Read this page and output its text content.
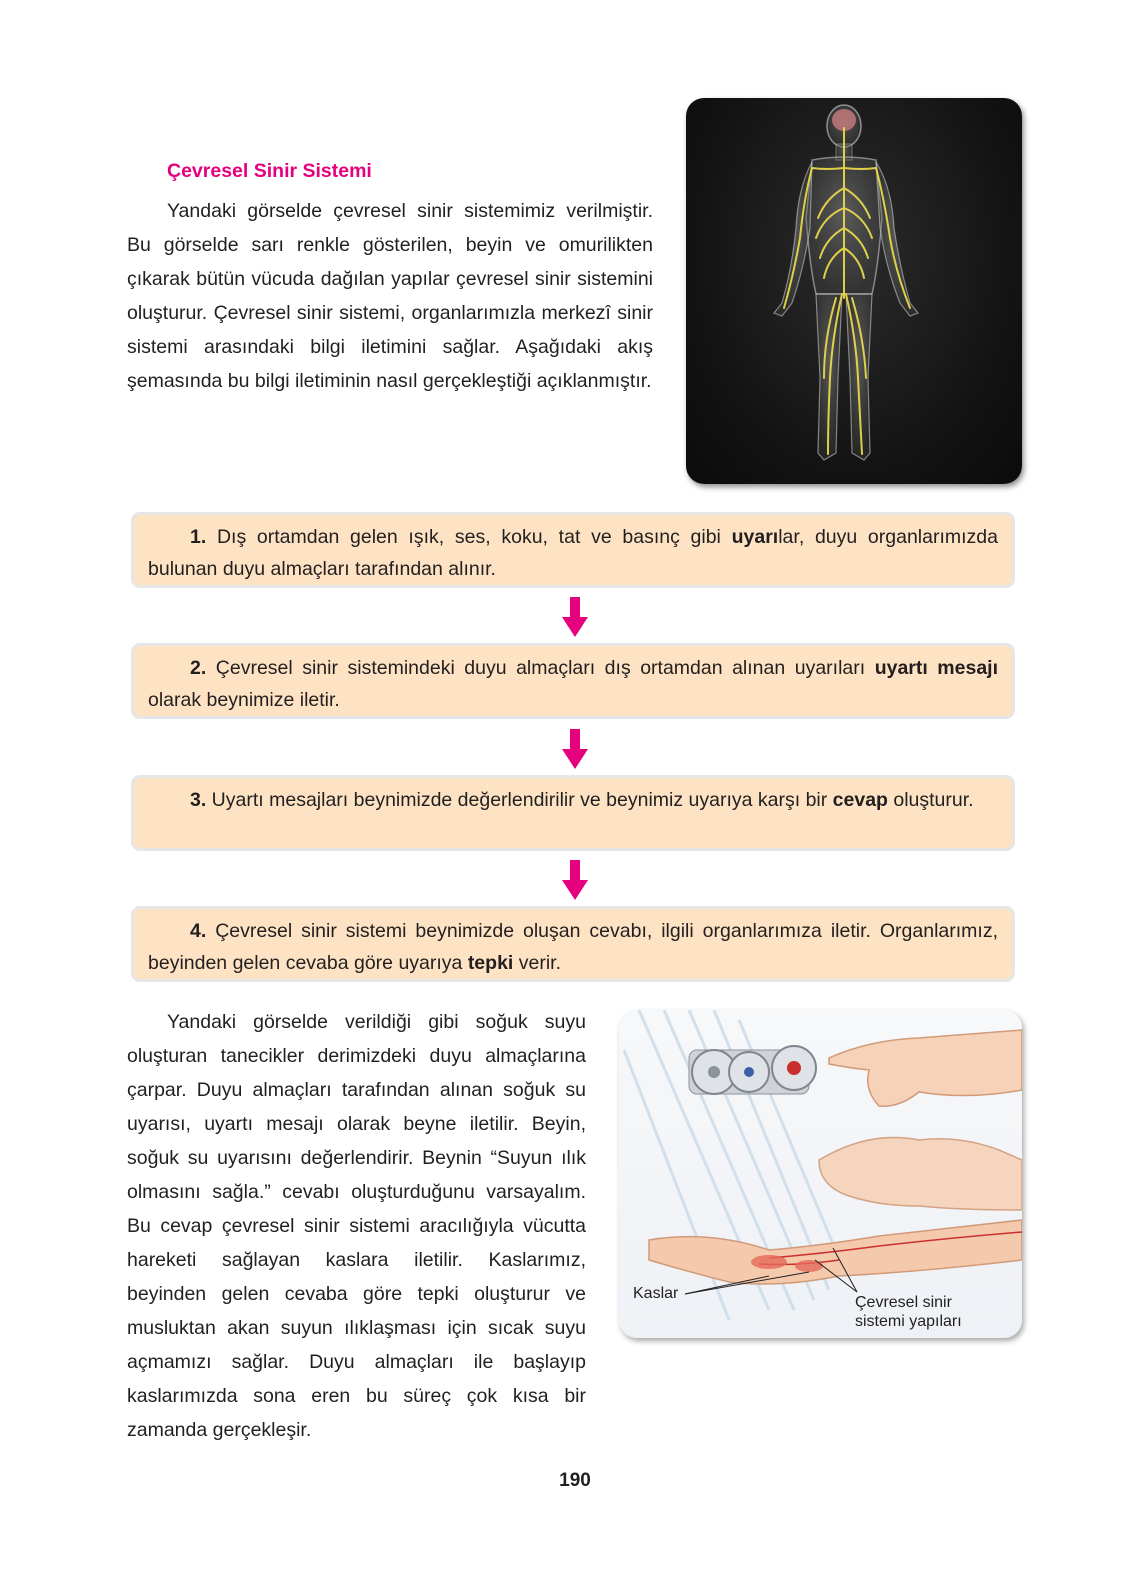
Çevresel Sinir Sistemi

Yandaki görselde çevresel sinir sistemimiz verilmiştir. Bu görselde sarı renkle gösterilen, beyin ve omurilikten çıkarak bütün vücuda dağılan yapılar çevresel sinir sistemini oluşturur. Çevresel sinir sistemi, organlarımızla merkezî sinir sistemi arasındaki bilgi iletimini sağlar. Aşağıdaki akış şemasında bu bilgi iletiminin nasıl gerçekleştiği açıklanmıştır.

1. Dış ortamdan gelen ışık, ses, koku, tat ve basınç gibi uyarılar, duyu organlarımızda bulunan duyu almaçları tarafından alınır.
2. Çevresel sinir sistemindeki duyu almaçları dış ortamdan alınan uyarıları uyartı mesajı olarak beynimize iletir.
3. Uyartı mesajları beynimizde değerlendirilir ve beynimiz uyarıya karşı bir cevap oluşturur.
4. Çevresel sinir sistemi beynimizde oluşan cevabı, ilgili organlarımıza iletir. Organlarımız, beyinden gelen cevaba göre uyarıya tepki verir.

Yandaki görselde verildiği gibi soğuk suyu oluşturan tanecikler derimizdeki duyu almaçlarına çarpar. Duyu almaçları tarafından alınan soğuk su uyarısı, uyartı mesajı olarak beyne iletilir. Beyin, soğuk su uyarısını değerlendirir. Beynin “Suyun ılık olmasını sağla.” cevabı oluşturduğunu varsayalım. Bu cevap çevresel sinir sistemi aracılığıyla vücutta hareketi sağlayan kaslara iletilir. Kaslarımız, beyinden gelen cevaba göre tepki oluşturur ve musluktan akan suyun ılıklaşması için sıcak suyu açmamızı sağlar. Duyu almaçları ile başlayıp kaslarımızda sona eren bu süreç çok kısa bir zamanda gerçekleşir.

Kaslar
Çevresel sinir
sistemi yapıları
190
